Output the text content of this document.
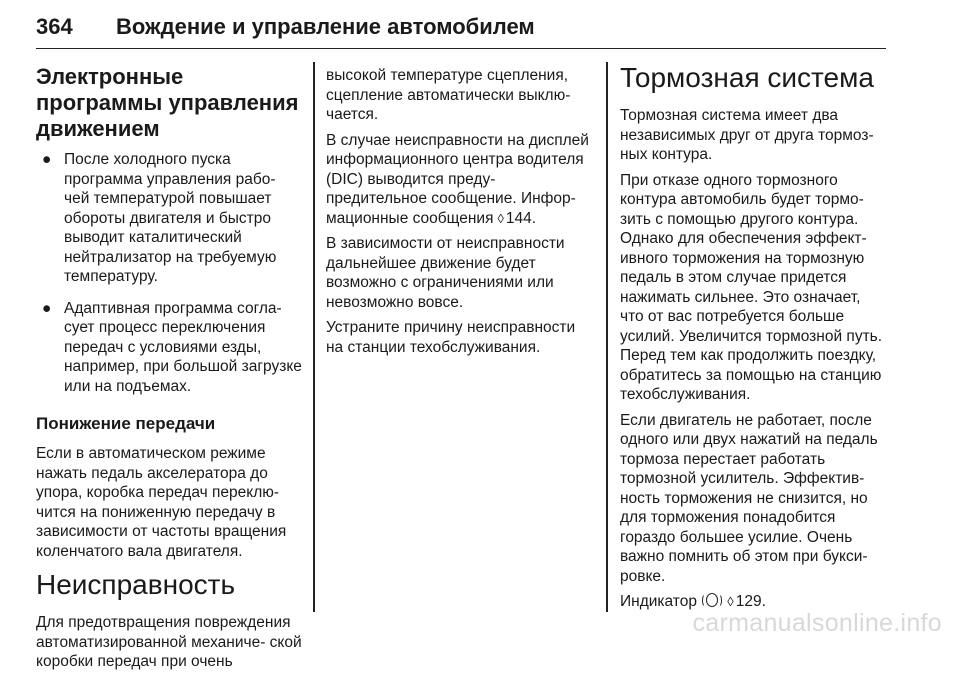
364 Вождение и управление автомобилем
Электронные программы управления движением
● После холодного пуска программа управления рабо- чей температурой повышает обороты двигателя и быстро выводит каталитический нейтрализатор на требуемую температуру.
● Адаптивная программа согла- сует процесс переключения передач с условиями езды, например, при большой загрузке или на подъемах.
Понижение передачи

Если в автоматическом режиме нажать педаль акселератора до упора, коробка передач переклю- чится на пониженную передачу в зависимости от частоты вращения коленчатого вала двигателя.

Неисправность

Для предотвращения повреждения автоматизированной механиче- ской коробки передач при очень

высокой температуре сцепления, сцепление автоматически выклю- чается.

В случае неисправности на дисплей информационного центра водителя (DIC) выводится преду- предительное сообщение. Инфор- мационные сообщения ◊ 144.

В зависимости от неисправности дальнейшее движение будет возможно с ограничениями или невозможно вовсе.

Устраните причину неисправности на станции техобслуживания.

Тормозная система

Тормозная система имеет два независимых друг от друга тормоз- ных контура.

При отказе одного тормозного контура автомобиль будет тормо- зить с помощью другого контура. Однако для обеспечения эффект- ивного торможения на тормозную педаль в этом случае придется нажимать сильнее. Это означает, что от вас потребуется больше усилий. Увеличится тормозной путь. Перед тем как продолжить поездку, обратитесь за помощью на станцию техобслуживания.

Если двигатель не работает, после одного или двух нажатий на педаль тормоза перестает работать тормозной усилитель. Эффектив- ность торможения не снизится, но для торможения понадобится гораздо большее усилие. Очень важно помнить об этом при букси- ровке.

Индикатор ◊ 129.

carmanualsonline.info
